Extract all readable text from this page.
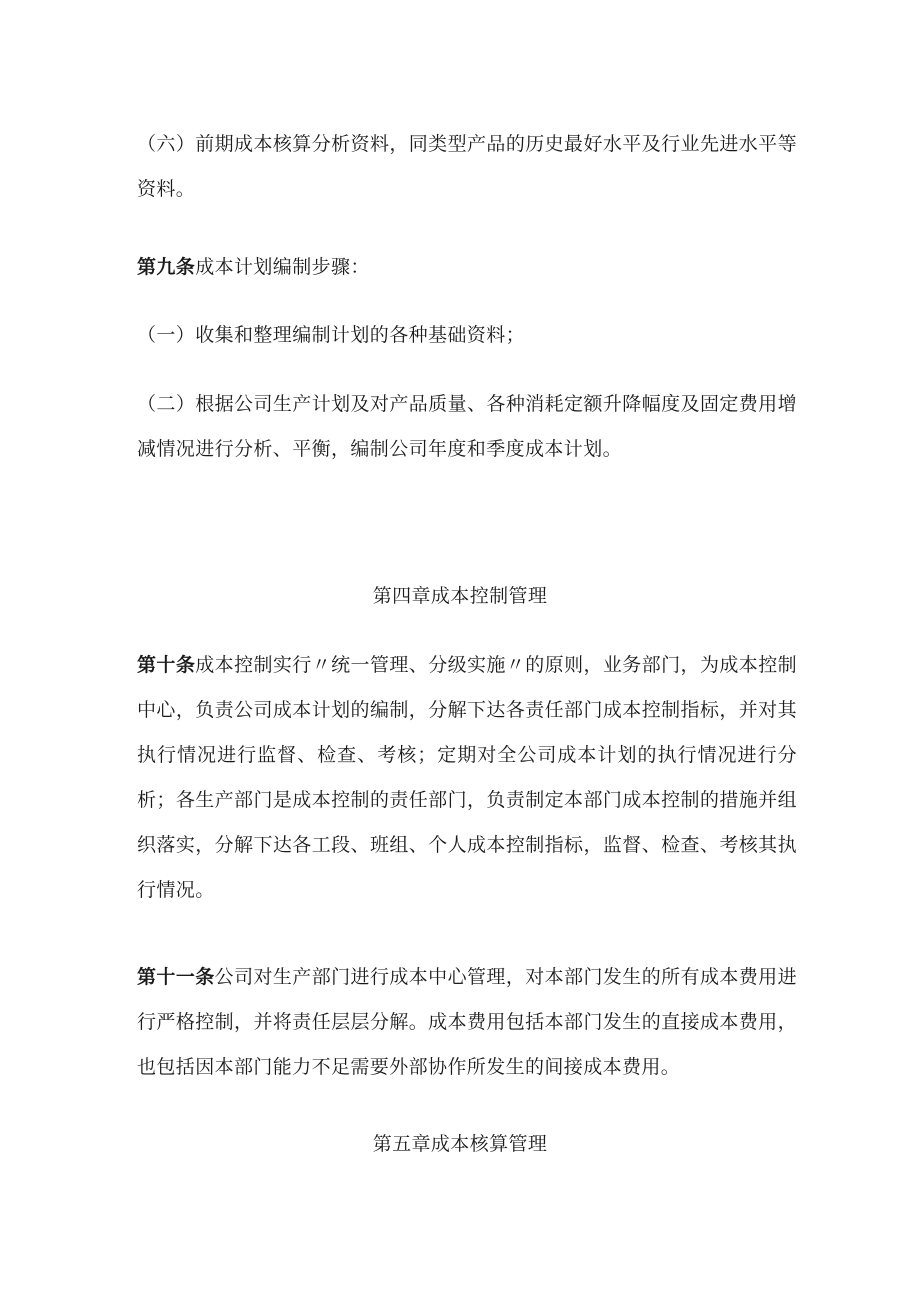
（六）前期成本核算分析资料，同类型产品的历史最好水平及行业先进水平等资料。

第九条成本计划编制步骤：

（一）收集和整理编制计划的各种基础资料；

（二）根据公司生产计划及对产品质量、各种消耗定额升降幅度及固定费用增减情况进行分析、平衡，编制公司年度和季度成本计划。

第四章成本控制管理

第十条成本控制实行〃统一管理、分级实施〃的原则，业务部门，为成本控制中心，负责公司成本计划的编制，分解下达各责任部门成本控制指标，并对其执行情况进行监督、检查、考核；定期对全公司成本计划的执行情况进行分析；各生产部门是成本控制的责任部门，负责制定本部门成本控制的措施并组织落实，分解下达各工段、班组、个人成本控制指标，监督、检查、考核其执行情况。

第十一条公司对生产部门进行成本中心管理，对本部门发生的所有成本费用进行严格控制，并将责任层层分解。成本费用包括本部门发生的直接成本费用，也包括因本部门能力不足需要外部协作所发生的间接成本费用。

第五章成本核算管理
